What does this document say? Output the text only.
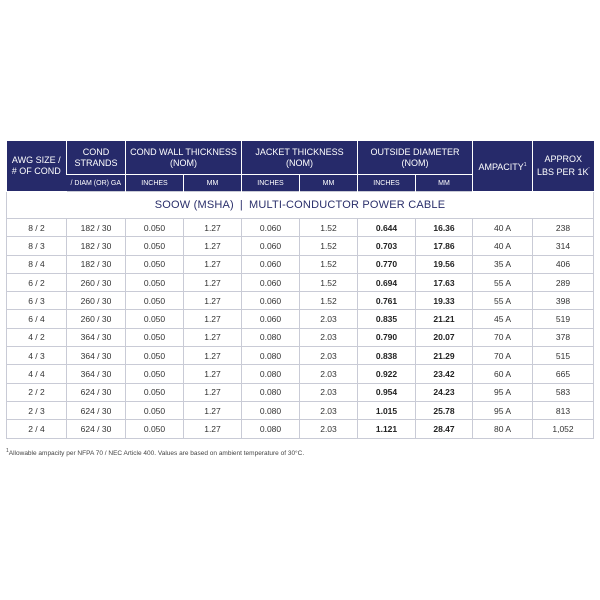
SOOW (MSHA) | MULTI-CONDUCTOR POWER CABLE									
AWG SIZE / # OF COND	COND STRANDS	COND WALL THICKNESS (NOM)		JACKET THICKNESS (NOM)		OUTSIDE DIAMETER (NOM)		AMPACITY$^1$	APPROX LBS PER 1K'
	/ DIAM (OR) GA	INCHES	MM	INCHES	MM	INCHES	MM		
8 / 2	182 / 30	0.050	1.27	0.060	1.52	0.644	16.36	40 A	238
8 / 3	182 / 30	0.050	1.27	0.060	1.52	0.703	17.86	40 A	314
8 / 4	182 / 30	0.050	1.27	0.060	1.52	0.770	19.56	35 A	406
6 / 2	260 / 30	0.050	1.27	0.060	1.52	0.694	17.63	55 A	289
6 / 3	260 / 30	0.050	1.27	0.060	1.52	0.761	19.33	55 A	398
6 / 4	260 / 30	0.050	1.27	0.060	2.03	0.835	21.21	45 A	519
4 / 2	364 / 30	0.050	1.27	0.080	2.03	0.790	20.07	70 A	378
4 / 3	364 / 30	0.050	1.27	0.080	2.03	0.838	21.29	70 A	515
4 / 4	364 / 30	0.050	1.27	0.080	2.03	0.922	23.42	60 A	665
2 / 2	624 / 30	0.050	1.27	0.080	2.03	0.954	24.23	95 A	583
2 / 3	624 / 30	0.050	1.27	0.080	2.03	1.015	25.78	95 A	813
2 / 4	624 / 30	0.050	1.27	0.080	2.03	1.121	28.47	80 A	1,052
$^1$Allowable ampacity per NFPA 70 / NEC Article 400. Values are based on ambient temperature of 30°C.
